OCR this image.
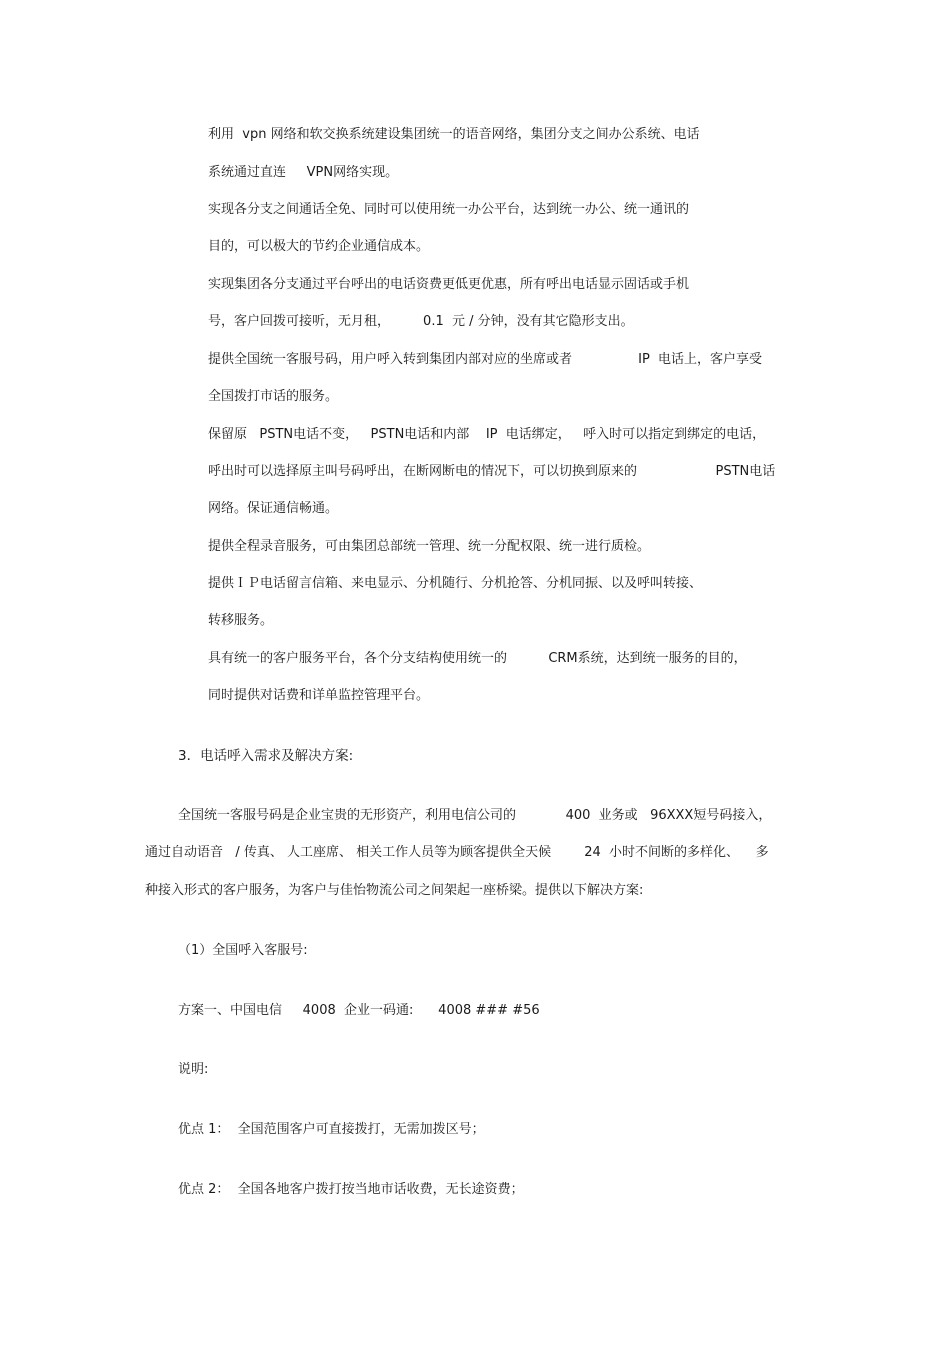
利用  vpn 网络和软交换系统建设集团统一的语音网络，集团分支之间办公系统、电话
系统通过直连     VPN网络实现。
实现各分支之间通话全免、同时可以使用统一办公平台，达到统一办公、统一通讯的
目的，可以极大的节约企业通信成本。
实现集团各分支通过平台呼出的电话资费更低更优惠，所有呼出电话显示固话或手机
号，客户回拨可接听，无月租，        0.1  元 / 分钟，没有其它隐形支出。
提供全国统一客服号码，用户呼入转到集团内部对应的坐席或者                IP  电话上，客户享受
全国拨打市话的服务。
保留原   PSTN电话不变，   PSTN电话和内部    IP  电话绑定，   呼入时可以指定到绑定的电话，
呼出时可以选择原主叫号码呼出，在断网断电的情况下，可以切换到原来的                   PSTN电话
网络。保证通信畅通。
提供全程录音服务，可由集团总部统一管理、统一分配权限、统一进行质检。
提供ＩＰ电话留言信箱、来电显示、分机随行、分机抢答、分机同振、以及呼叫转接、
转移服务。
具有统一的客户服务平台，各个分支结构使用统一的          CRM系统，达到统一服务的目的，
同时提供对话费和详单监控管理平台。
3．电话呼入需求及解决方案:
全国统一客服号码是企业宝贵的无形资产，利用电信公司的            400  业务或   96XXX短号码接入，
通过自动语音   / 传真、 人工座席、 相关工作人员等为顾客提供全天候        24  小时不间断的多样化、    多
种接入形式的客户服务，为客户与佳怡物流公司之间架起一座桥梁。提供以下解决方案:
（1）全国呼入客服号:
方案一、中国电信     4008  企业一码通:      4008 ### #56
说明:
优点 1：  全国范围客户可直接拨打，无需加拨区号；
优点 2：  全国各地客户拨打按当地市话收费，无长途资费；
